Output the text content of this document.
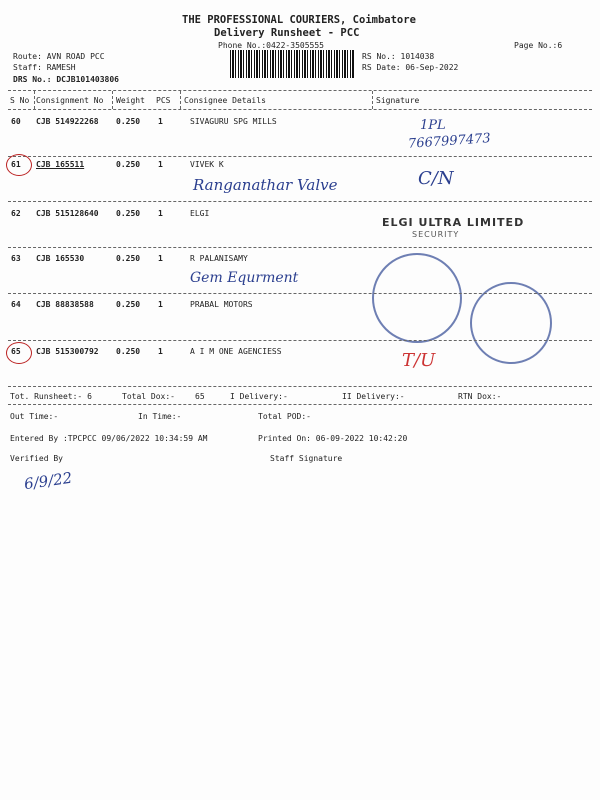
THE PROFESSIONAL COURIERS, Coimbatore
Delivery Runsheet - PCC
Phone No.:0422-3505555	Page No.:6
Route: AVN ROAD PCC
Staff: RAMESH
DRS No.: DCJB101403806
RS No.: 1014038
RS Date: 06-Sep-2022
S No Consignment No Weight PCS Consignee Details	Signature
60 CJB 514922268 0.250 1	SIVAGURU SPG MILLS	1PL
7667997473
61 CJB 165511	0.250 1	VIVEK K
Ranganathar Valve	C/N
62 CJB 515128640 0.250 1	ELGI
ELGI ULTRA LIMITED
SECURITY
63 CJB 165530	0.250 1	R PALANISAMY
Gem Equrment
64 CJB 88838588	0.250 1	PRABAL MOTORS
65 CJB 515300792 0.250 1	A I M ONE AGENCIESS	T/U
Tot. Runsheet:- 6	Total Dox:-	65	I Delivery:-	II Delivery:-	RTN Dox:-
Out Time:-	In Time:-	Total POD:-
Entered By :TPCPCC 09/06/2022 10:34:59 AM	Printed On: 06-09-2022 10:42:20
Verified By	Staff Signature
6/9/22
